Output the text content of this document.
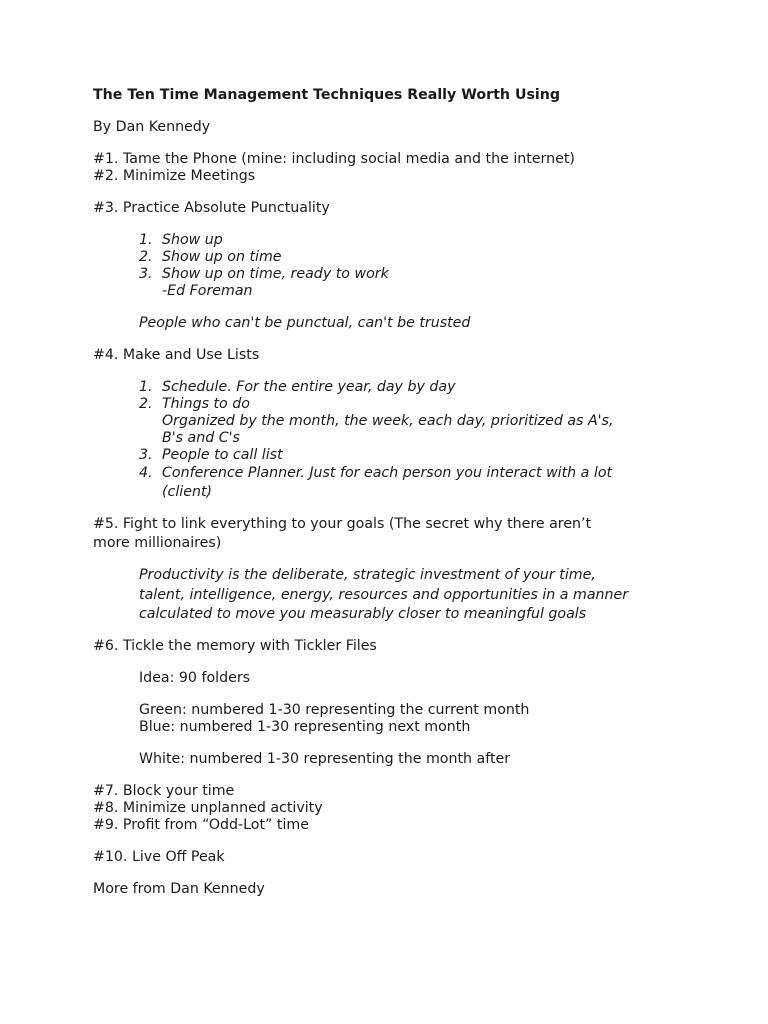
The Ten Time Management Techniques Really Worth Using
By Dan Kennedy
#1. Tame the Phone (mine: including social media and the internet)
#2. Minimize Meetings
#3. Practice Absolute Punctuality
1. Show up
2. Show up on time
3. Show up on time, ready to work
-Ed Foreman
People who can't be punctual, can't be trusted
#4. Make and Use Lists
1. Schedule. For the entire year, day by day
2. Things to do
Organized by the month, the week, each day, prioritized as A's,
B's and C's
3. People to call list
4. Conference Planner. Just for each person you interact with a lot
(client)
#5. Fight to link everything to your goals (The secret why there aren’t
more millionaires)
Productivity is the deliberate, strategic investment of your time,
talent, intelligence, energy, resources and opportunities in a manner
calculated to move you measurably closer to meaningful goals
#6. Tickle the memory with Tickler Files
Idea: 90 folders
Green: numbered 1-30 representing the current month
Blue: numbered 1-30 representing next month
White: numbered 1-30 representing the month after
#7. Block your time
#8. Minimize unplanned activity
#9. Profit from “Odd-Lot” time
#10. Live Off Peak
More from Dan Kennedy
